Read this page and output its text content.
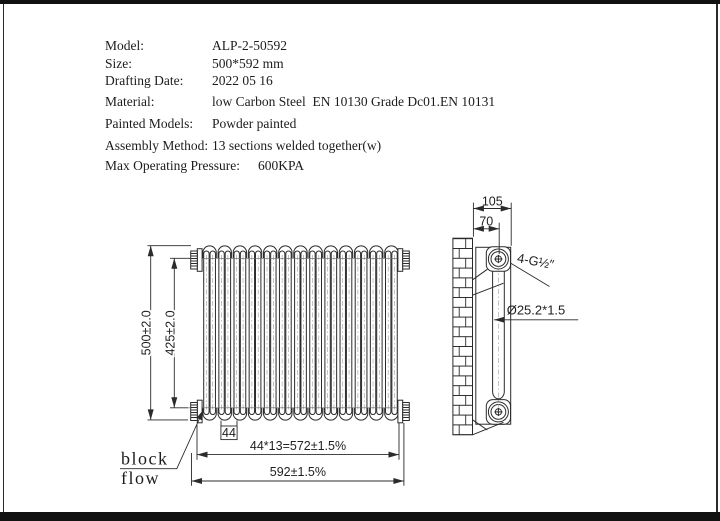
Model:	ALP-2-50592
Size:	500*592 mm
Drafting Date: 2022 05 16
Material:	low Carbon Steel  EN 10130 Grade Dc01.EN 10131
Painted Models: Powder painted
Assembly Method: 13 sections welded together(w)
Max Operating Pressure: 600KPA
500±2.0 425±2.0
44
44*13=572±1.5%
592±1.5%
block
flow
105
70
4-G½″
Ø25.2*1.5
